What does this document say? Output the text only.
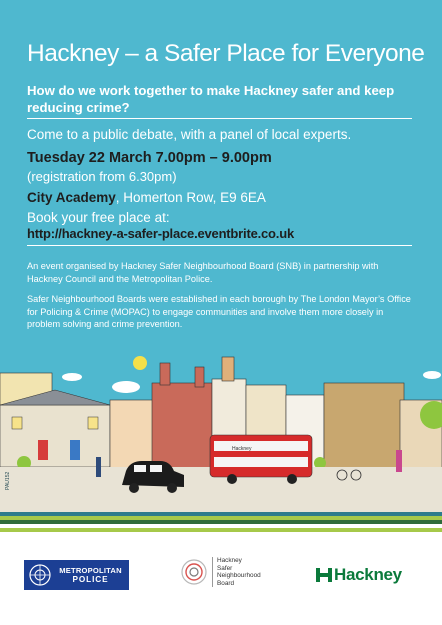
Hackney – a Safer Place for Everyone

How do we work together to make Hackney safer and keep reducing crime?

Come to a public debate, with a panel of local experts.

Tuesday 22 March 7.00pm – 9.00pm

(registration from 6.30pm)

City Academy, Homerton Row, E9 6EA

Book your free place at:

http://hackney-a-safer-place.eventbrite.co.uk

An event organised by Hackney Safer Neighbourhood Board (SNB) in partnership with Hackney Council and the Metropolitan Police.

Safer Neighbourhood Boards were established in each borough by The London Mayor’s Office for Policing & Crime (MOPAC) to engage communities and involve them more closely in problem solving and crime prevention.

Hackney
PAU152
METROPOLITAN
POLICE
Hackney
Safer
Neighbourhood
Board	Hackney
